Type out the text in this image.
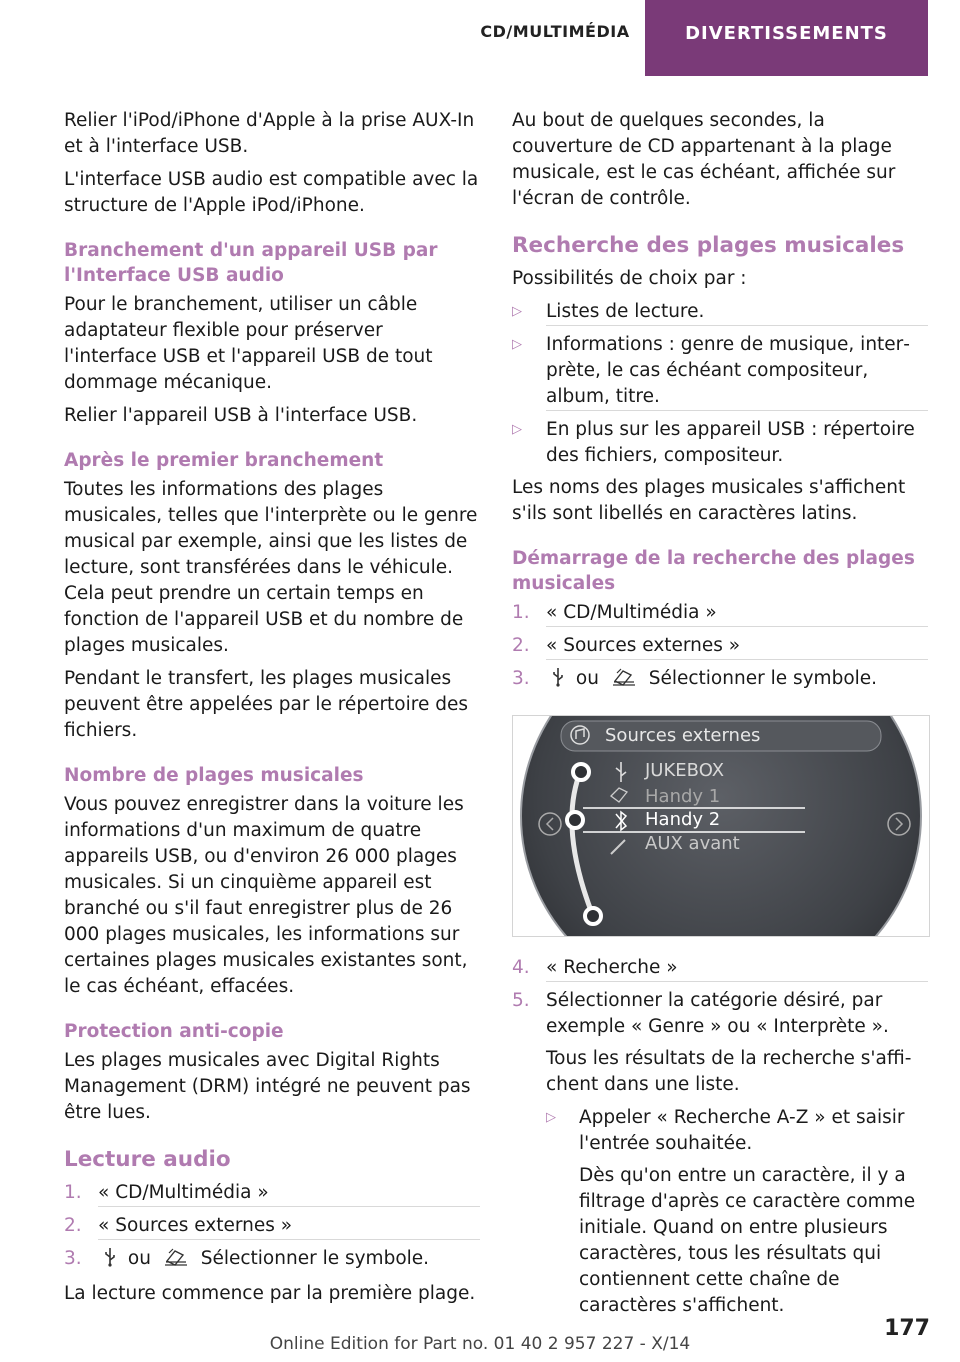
CD/MULTIMÉDIA	DIVERTISSEMENTS

Relier l'iPod/iPhone d'Apple à la prise AUX-In et à l'interface USB.

L'interface USB audio est compatible avec la structure de l'Apple iPod/iPhone.

Branchement d'un appareil USB par l'Interface USB audio

Pour le branchement, utiliser un câble adaptateur flexible pour préserver l'interface USB et l'appareil USB de tout dommage mécanique.

Relier l'appareil USB à l'interface USB.

Après le premier branchement

Toutes les informations des plages musicales, telles que l'interprète ou le genre musical par exemple, ainsi que les listes de lecture, sont transférées dans le véhicule. Cela peut prendre un certain temps en fonction de l'appareil USB et du nombre de plages musicales.

Pendant le transfert, les plages musicales peuvent être appelées par le répertoire des fichiers.

Nombre de plages musicales

Vous pouvez enregistrer dans la voiture les informations d'un maximum de quatre appareils USB, ou d'environ 26 000 plages musicales. Si un cinquième appareil est branché ou s'il faut enregistrer plus de 26 000 plages musicales, les informations sur certaines plages musicales existantes sont, le cas échéant, effacées.

Protection anti-copie

Les plages musicales avec Digital Rights Management (DRM) intégré ne peuvent pas être lues.

Lecture audio
1. « CD/Multimédia »
2. « Sources externes »
3. ou	Sélectionner le symbole.

La lecture commence par la première plage.

Au bout de quelques secondes, la couverture de CD appartenant à la plage musicale, est le cas échéant, affichée sur l'écran de contrôle.

Recherche des plages musicales

Possibilités de choix par :

▷ Listes de lecture.
▷ Informations : genre de musique, interprète, le cas échéant compositeur, album, titre.
▷ En plus sur les appareil USB : répertoire des fichiers, compositeur.

Les noms des plages musicales s'affichent s'ils sont libellés en caractères latins.

Démarrage de la recherche des plages musicales
1. « CD/Multimédia »
2. « Sources externes »
3. ou	Sélectionner le symbole.
Sources externes
JUKEBOX
Handy 1
Handy 2
AUX avant
4. « Recherche »
5. Sélectionner la catégorie désiré, par exemple « Genre » ou « Interprète ».

Tous les résultats de la recherche s'affichent dans une liste.

▷ Appeler « Recherche A-Z » et saisir l'entrée souhaitée.

Dès qu'on entre un caractère, il y a filtrage d'après ce caractère comme initiale. Quand on entre plusieurs caractères, tous les résultats qui contiennent cette chaîne de caractères s'affichent.

177
Online Edition for Part no. 01 40 2 957 227 - X/14
